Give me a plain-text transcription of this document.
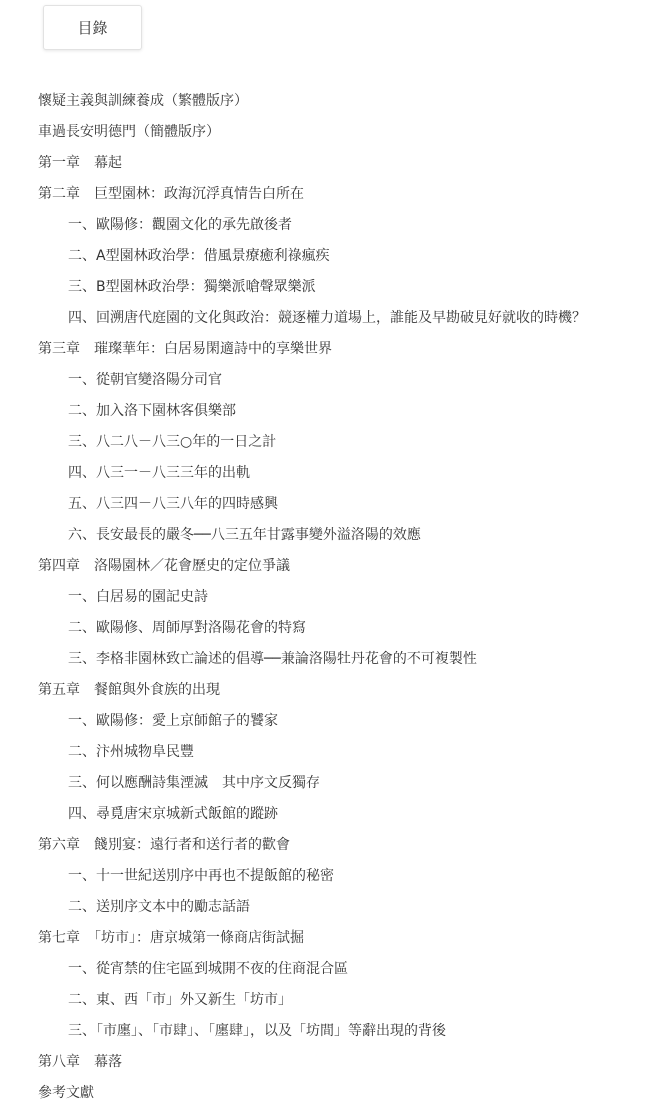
目錄
懷疑主義與訓練養成（繁體版序）
車過長安明德門（簡體版序）
第一章　幕起
第二章　巨型園林：政海沉浮真情告白所在
一、歐陽修：觀園文化的承先啟後者
二、A型園林政治學：借風景療癒利祿瘋疾
三、B型園林政治學：獨樂派嗆聲眾樂派
四、回溯唐代庭園的文化與政治：競逐權力道場上，誰能及早勘破見好就收的時機？
第三章　璀璨華年：白居易閑適詩中的享樂世界
一、從朝官變洛陽分司官
二、加入洛下園林客俱樂部
三、八二八－八三○年的一日之計
四、八三一－八三三年的出軌
五、八三四－八三八年的四時感興
六、長安最長的嚴冬──八三五年甘露事變外溢洛陽的效應
第四章　洛陽園林／花會歷史的定位爭議
一、白居易的園記史詩
二、歐陽修、周師厚對洛陽花會的特寫
三、李格非園林致亡論述的倡導──兼論洛陽牡丹花會的不可複製性
第五章　餐館與外食族的出現
一、歐陽修：愛上京師館子的饕家
二、汴州城物阜民豐
三、何以應酬詩集湮滅　其中序文反獨存
四、尋覓唐宋京城新式飯館的蹤跡
第六章　餞別宴：遠行者和送行者的歡會
一、十一世紀送別序中再也不提飯館的秘密
二、送別序文本中的勵志話語
第七章　「坊市」：唐京城第一條商店街試掘
一、從宵禁的住宅區到城開不夜的住商混合區
二、東、西「市」外又新生「坊市」
三、「市廛」、「市肆」、「廛肆」，以及「坊間」等辭出現的背後
第八章　幕落
參考文獻
